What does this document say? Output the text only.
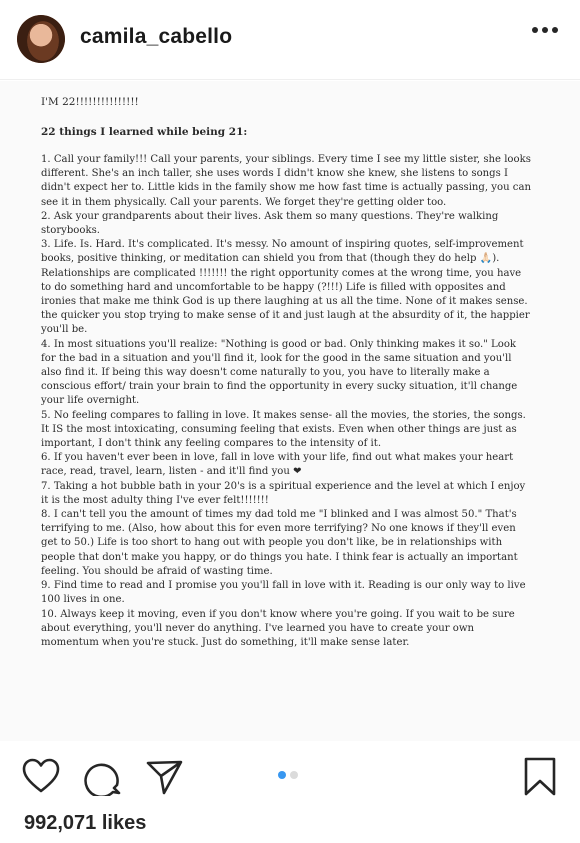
camila_cabello
I'M 22!!!!!!!!!!!!!!!
22 things I learned while being 21:

1. Call your family!!! Call your parents, your siblings. Every time I see my little sister, she looks different. She's an inch taller, she uses words I didn't know she knew, she listens to songs I didn't expect her to. Little kids in the family show me how fast time is actually passing, you can see it in them physically. Call your parents. We forget they're getting older too.

2. Ask your grandparents about their lives. Ask them so many questions. They're walking storybooks.

3. Life. Is. Hard. It's complicated. It's messy. No amount of inspiring quotes, self-improvement books, positive thinking, or meditation can shield you from that (though they do help 🙏🏻). Relationships are complicated !!!!!!! the right opportunity comes at the wrong time, you have to do something hard and uncomfortable to be happy (?!!!) Life is filled with opposites and ironies that make me think God is up there laughing at us all the time. None of it makes sense. the quicker you stop trying to make sense of it and just laugh at the absurdity of it, the happier you'll be.

4. In most situations you'll realize: "Nothing is good or bad. Only thinking makes it so." Look for the bad in a situation and you'll find it, look for the good in the same situation and you'll also find it. If being this way doesn't come naturally to you, you have to literally make a conscious effort/ train your brain to find the opportunity in every sucky situation, it'll change your life overnight.

5. No feeling compares to falling in love. It makes sense- all the movies, the stories, the songs. It IS the most intoxicating, consuming feeling that exists. Even when other things are just as important, I don't think any feeling compares to the intensity of it.

6. If you haven't ever been in love, fall in love with your life, find out what makes your heart race, read, travel, learn, listen - and it'll find you ❤

7. Taking a hot bubble bath in your 20's is a spiritual experience and the level at which I enjoy it is the most adulty thing I've ever felt!!!!!!!

8. I can't tell you the amount of times my dad told me "I blinked and I was almost 50." That's terrifying to me. (Also, how about this for even more terrifying? No one knows if they'll even get to 50.) Life is too short to hang out with people you don't like, be in relationships with people that don't make you happy, or do things you hate. I think fear is actually an important feeling. You should be afraid of wasting time.

9. Find time to read and I promise you you'll fall in love with it. Reading is our only way to live 100 lives in one.

10. Always keep it moving, even if you don't know where you're going. If you wait to be sure about everything, you'll never do anything. I've learned you have to create your own momentum when you're stuck. Just do something, it'll make sense later.

992,071 likes
